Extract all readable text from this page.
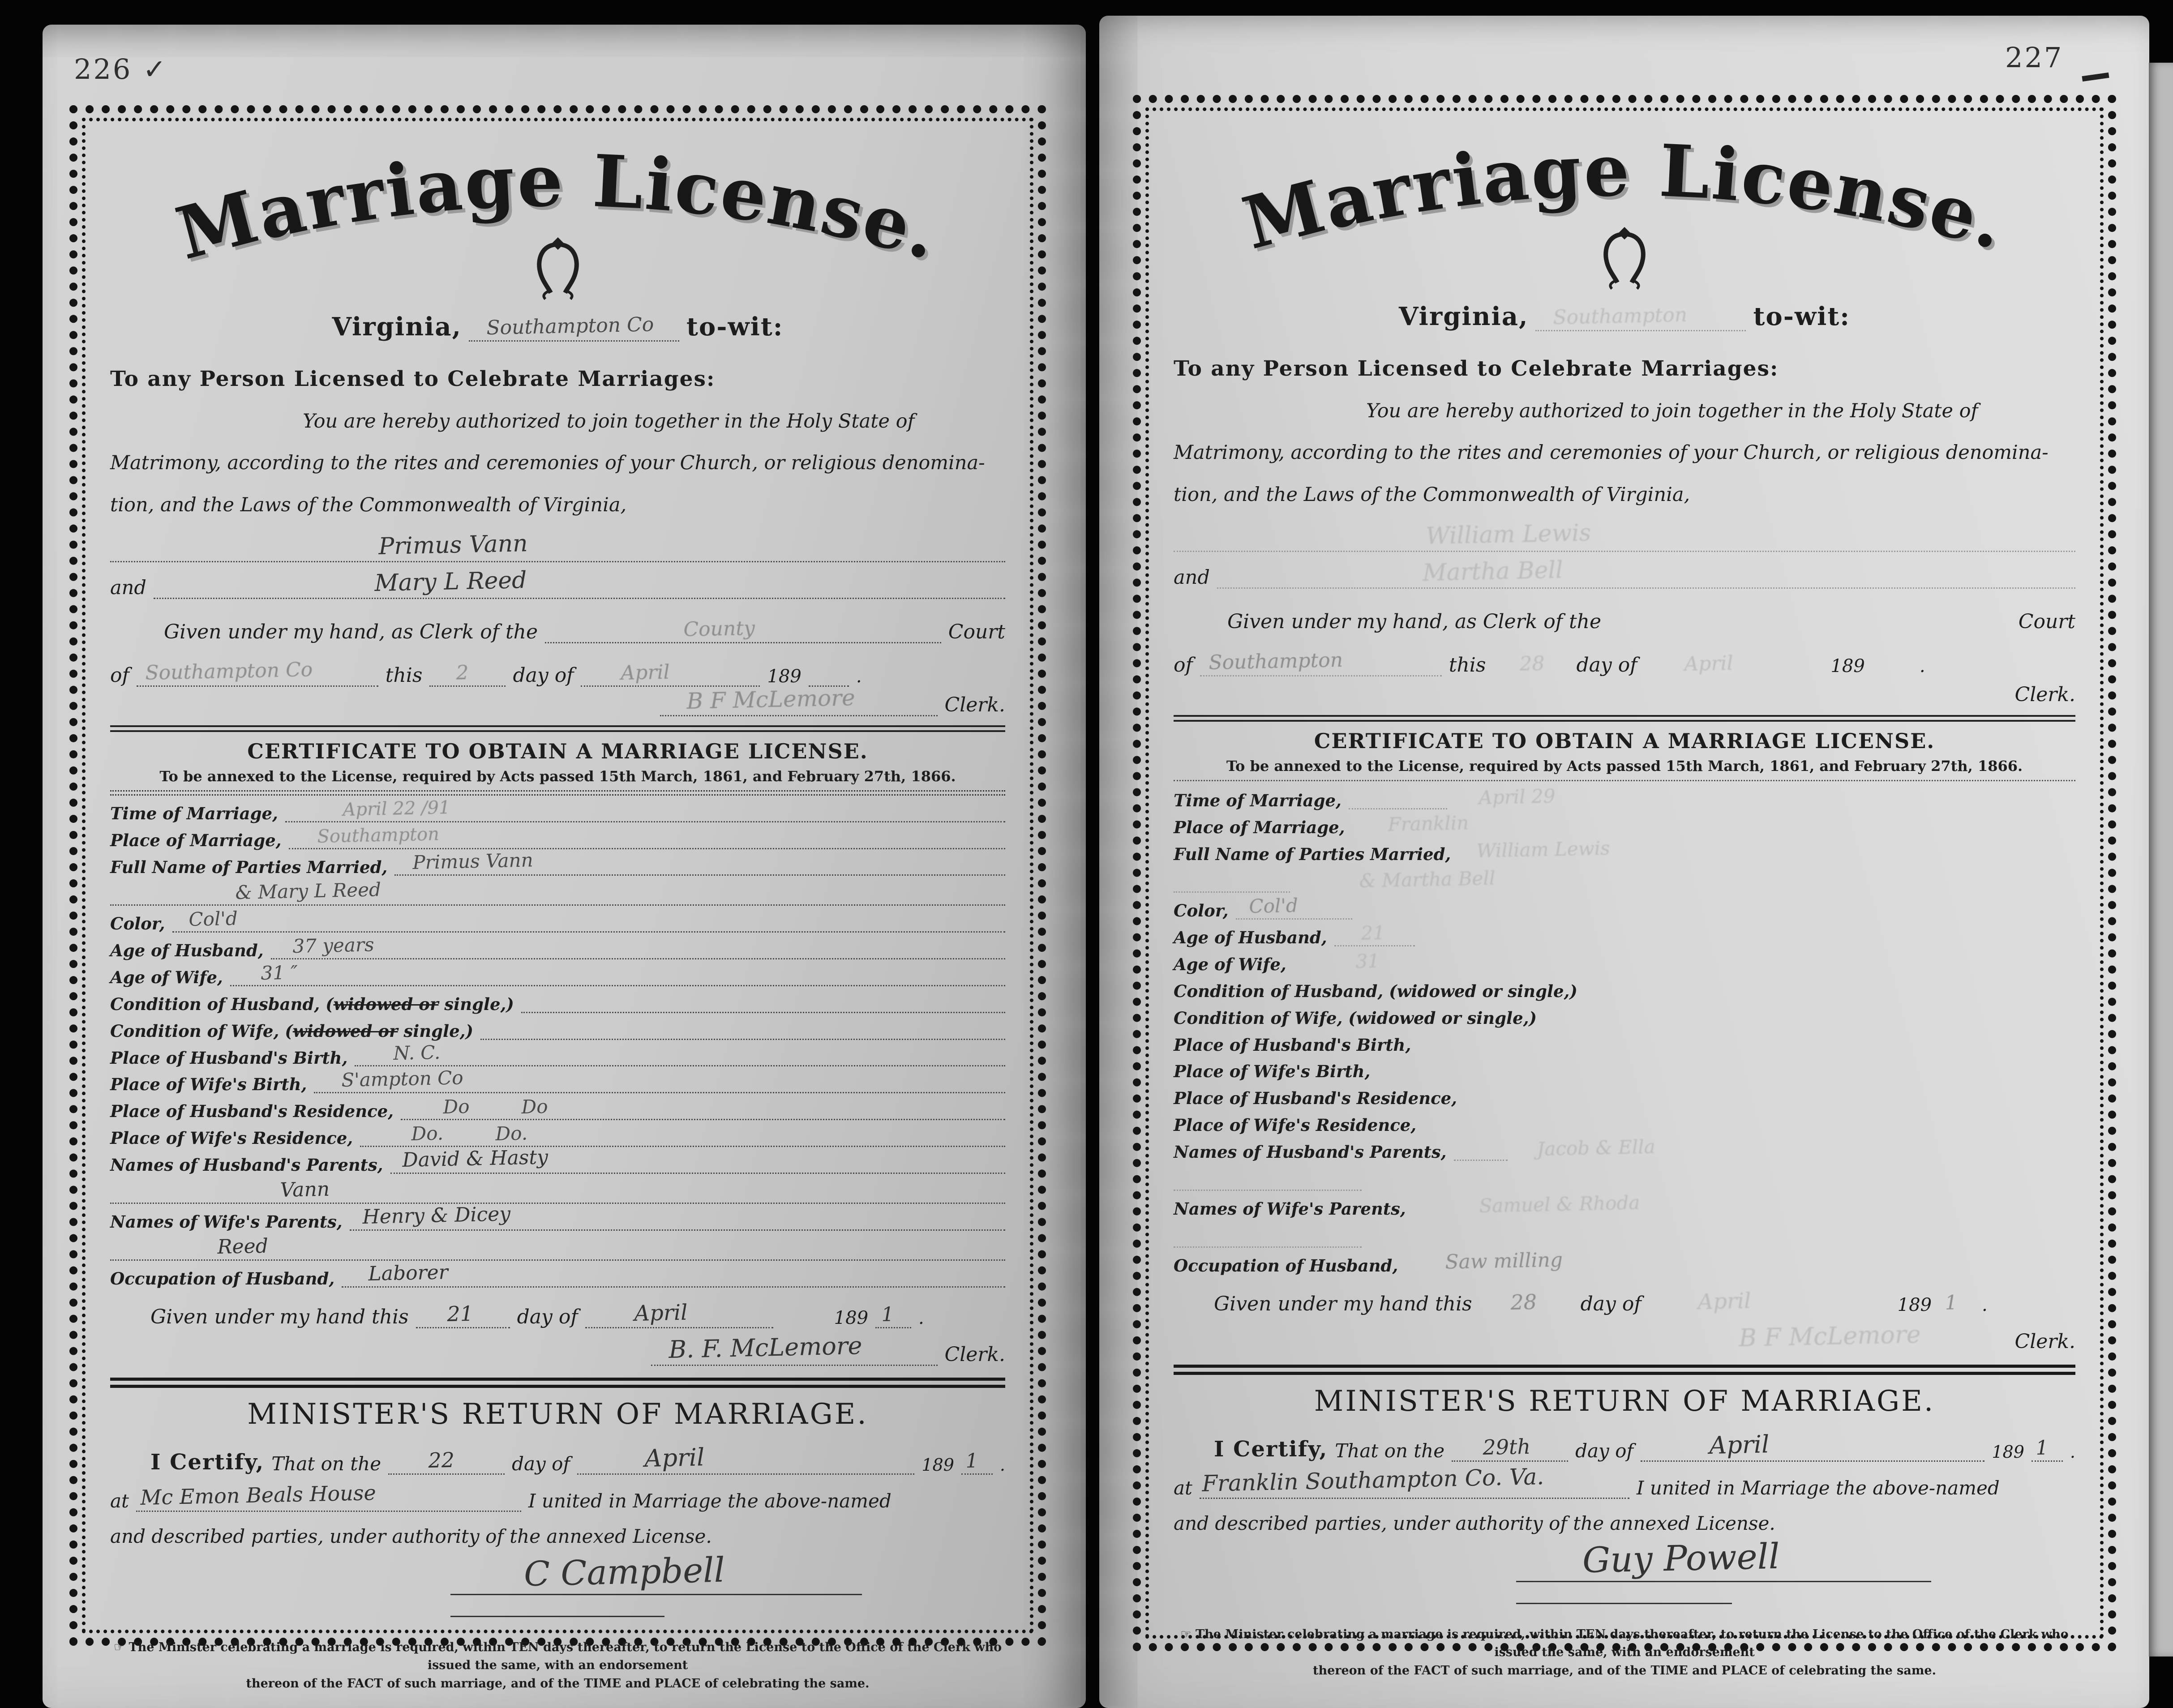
226 ✓	227
Marriage License.
Virginia, Southampton Co to-wit:
To any Person Licensed to Celebrate Marriages:
You are hereby authorized to join together in the Holy State of
Matrimony, according to the rites and ceremonies of your Church, or religious denomina-
tion, and the Laws of the Commonwealth of Virginia,
Primus Vann
and	Mary L Reed
Given under my hand, as Clerk of the	County	Court
of Southampton Co	this 2 day of April	189	.
B F McLemore	Clerk.
CERTIFICATE TO OBTAIN A MARRIAGE LICENSE.
To be annexed to the License, required by Acts passed 15th March, 1861, and February 27th, 1866.
Time of Marriage,	April 22 /91
Place of Marriage, Southampton
Full Name of Parties Married, Primus Vann
& Mary L Reed
Color, Col'd
Age of Husband, 37 years
Age of Wife, 31 ″
Condition of Husband, (widowed or single,)
Condition of Wife, (widowed or single,)
Place of Husband's Birth, N. C.
Place of Wife's Birth, S'ampton Co
Place of Husband's Residence,	Do	Do
Place of Wife's Residence,	Do.	Do.
Names of Husband's Parents, David & Hasty
Vann
Names of Wife's Parents, Henry & Dicey
Reed
Occupation of Husband, Laborer
Given under my hand this 21 day of	April	189 1 .
B. F. McLemore	Clerk.
MINISTER'S RETURN OF MARRIAGE.
I Certify, That on the 22	day of	April	189 1 .
at Mc Emon Beals House	I united in Marriage the above-named
and described parties, under authority of the annexed License.
C Campbell
☞ The Minister celebrating a marriage is required, within TEN days thereafter, to return the License to the Office of the Clerk who issued the same, with an endorsement
thereon of the FACT of such marriage, and of the TIME and PLACE of celebrating the same.
Marriage License.
Virginia, Southampton	to-wit:
To any Person Licensed to Celebrate Marriages:
You are hereby authorized to join together in the Holy State of
Matrimony, according to the rites and ceremonies of your Church, or religious denomina-
tion, and the Laws of the Commonwealth of Virginia,
William Lewis
and	Martha Bell
Given under my hand, as Clerk of the	Court
of Southampton	this 28 day of April	189	.
Clerk.
CERTIFICATE TO OBTAIN A MARRIAGE LICENSE.
To be annexed to the License, required by Acts passed 15th March, 1861, and February 27th, 1866.
Time of Marriage,	April 29
Place of Marriage, Franklin
Full Name of Parties Married, William Lewis
& Martha Bell
Color, Col'd
Age of Husband, 21
Age of Wife,	31
Condition of Husband, (widowed or single,)
Condition of Wife, (widowed or single,)
Place of Husband's Birth,
Place of Wife's Birth,
Place of Husband's Residence,
Place of Wife's Residence,
Names of Husband's Parents,	Jacob & Ella
Names of Wife's Parents,	Samuel & Rhoda
Occupation of Husband, Saw milling
Given under my hand this 28 day of	April	189 1 .
B F McLemore	Clerk.
MINISTER'S RETURN OF MARRIAGE.
I Certify, That on the 29th day of	April	189 1 .
at Franklin Southampton Co. Va.	I united in Marriage the above-named
and described parties, under authority of the annexed License.
Guy Powell
☞ The Minister celebrating a marriage is required, within TEN days thereafter, to return the License to the Office of the Clerk who issued the same, with an endorsement
thereon of the FACT of such marriage, and of the TIME and PLACE of celebrating the same.
